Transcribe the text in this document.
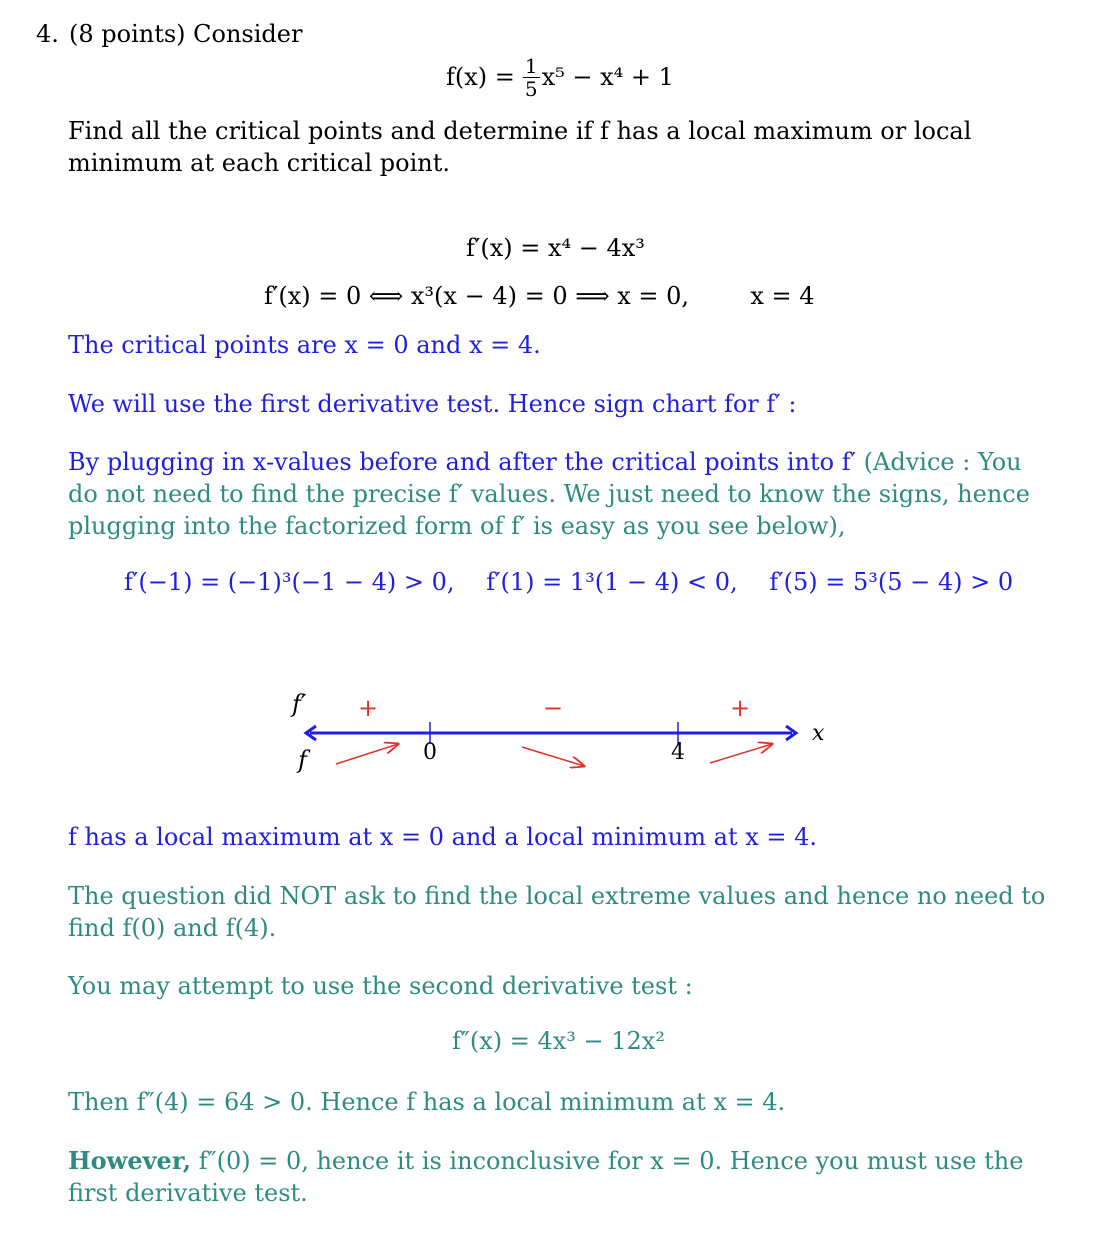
4. (8 points) Consider
$f(x) = \frac{1}{5} x^5 - x^4 + 1$
Find all the critical points and determine if f has a local maximum or local minimum at each critical point.
f′(x) = x⁴ − 4x³
f′(x) = 0 ⟺ x³(x − 4) = 0 ⟹ x = 0,	x = 4
The critical points are x = 0 and x = 4.
We will use the first derivative test. Hence sign chart for f′ :
By plugging in x-values before and after the critical points into f′ (Advice : You do not need to find the precise f′ values. We just need to know the signs, hence plugging into the factorized form of f′ is easy as you see below),
f′(−1) = (−1)³(−1 − 4) > 0, f′(1) = 1³(1 − 4) < 0, f′(5) = 5³(5 − 4) > 0
f′
f
+	−	+
0	4
x
f has a local maximum at x = 0 and a local minimum at x = 4.
The question did NOT ask to find the local extreme values and hence no need to find f(0) and f(4).
You may attempt to use the second derivative test :
f″(x) = 4x³ − 12x²
Then f″(4) = 64 > 0. Hence f has a local minimum at x = 4.
However, f″(0) = 0, hence it is inconclusive for x = 0. Hence you must use the first derivative test.
